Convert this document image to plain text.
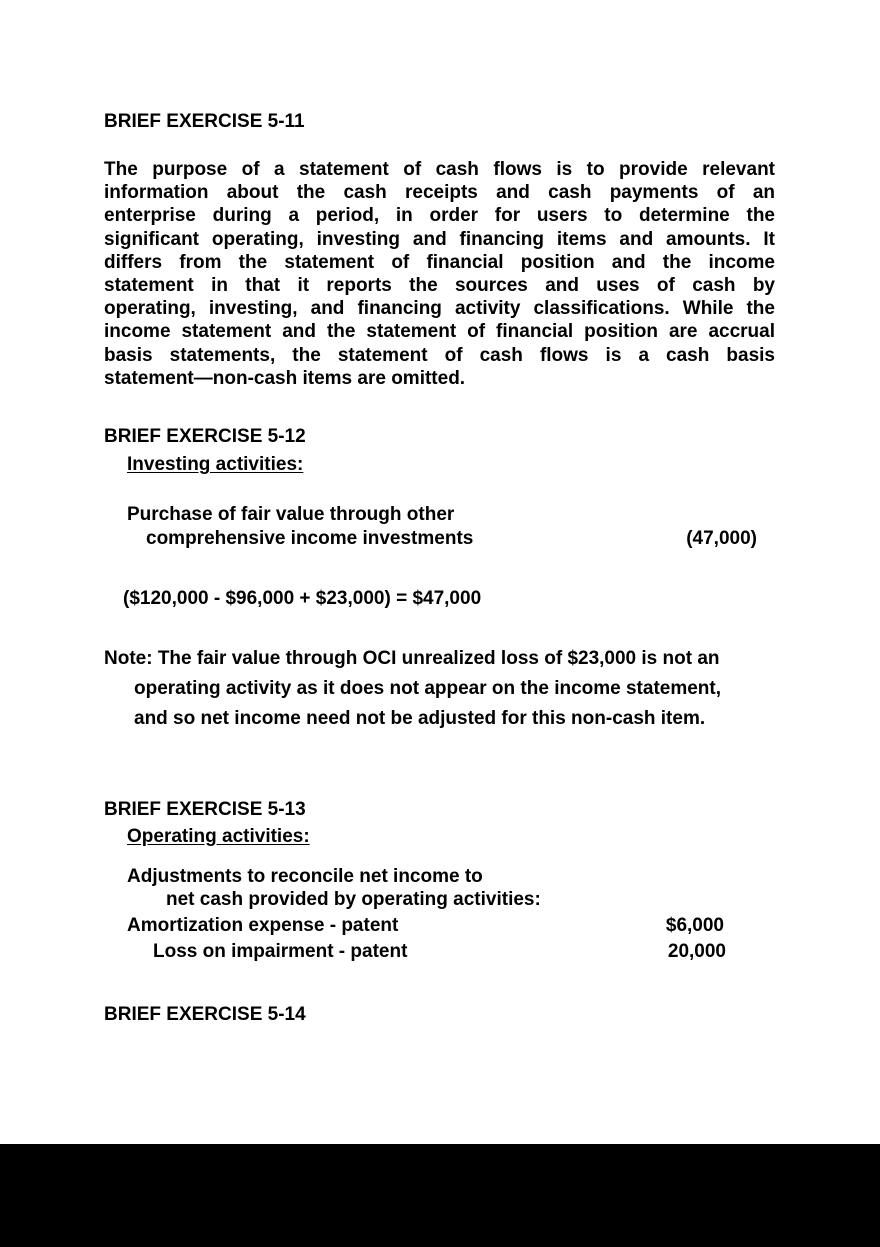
BRIEF EXERCISE 5-11
The purpose of a statement of cash flows is to provide relevant
information about the cash receipts and cash payments of an
enterprise during a period, in order for users to determine the
significant operating, investing and financing items and amounts. It
differs from the statement of financial position and the income
statement in that it reports the sources and uses of cash by
operating, investing, and financing activity classifications. While the
income statement and the statement of financial position are accrual
basis statements, the statement of cash flows is a cash basis
statement—non-cash items are omitted.
BRIEF EXERCISE 5-12
Investing activities:
Purchase of fair value through other
comprehensive income investments	(47,000)
($120,000 - $96,000 + $23,000) = $47,000
Note: The fair value through OCI unrealized loss of $23,000 is not an
operating activity as it does not appear on the income statement,
and so net income need not be adjusted for this non-cash item.
BRIEF EXERCISE 5-13
Operating activities:
Adjustments to reconcile net income to
net cash provided by operating activities:
Amortization expense - patent	$6,000
Loss on impairment - patent	20,000
BRIEF EXERCISE 5-14
